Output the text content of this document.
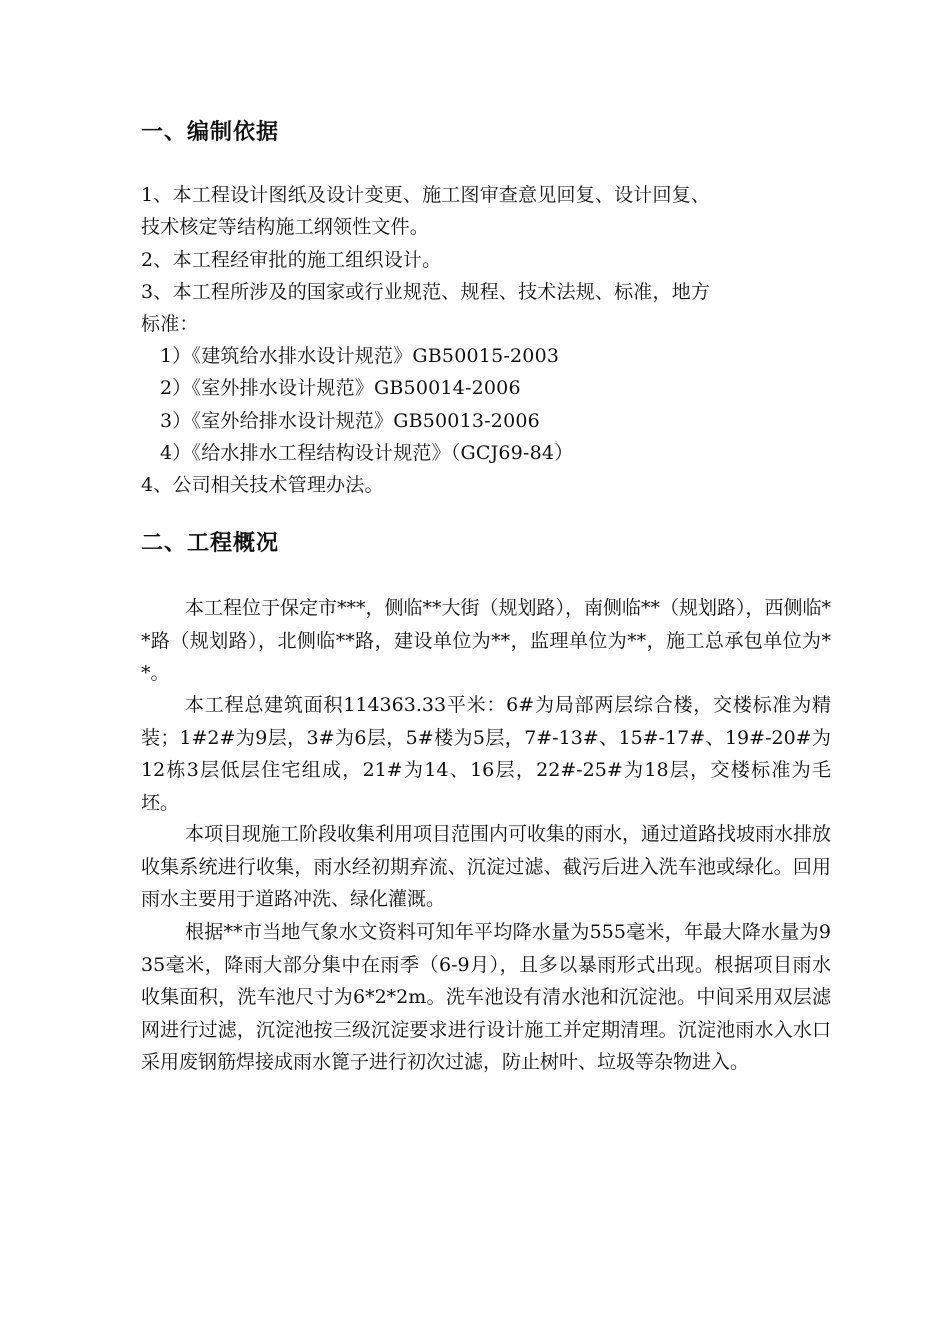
一、编制依据
1、本工程设计图纸及设计变更、施工图审查意见回复、设计回复、
技术核定等结构施工纲领性文件。
2、本工程经审批的施工组织设计。
3、本工程所涉及的国家或行业规范、规程、技术法规、标准，地方
标准：
1）《建筑给水排水设计规范》GB50015-2003
2）《室外排水设计规范》GB50014-2006
3）《室外给排水设计规范》GB50013-2006
4）《给水排水工程结构设计规范》（GCJ69-84）
4、公司相关技术管理办法。
二、工程概况

本工程位于保定市***，侧临**大街（规划路），南侧临**（规划路），西侧临**路（规划路），北侧临**路，建设单位为**，监理单位为**，施工总承包单位为**。

本工程总建筑面积114363.33平米：6#为局部两层综合楼，交楼标准为精装；1#2#为9层，3#为6层，5#楼为5层，7#-13#、15#-17#、19#-20#为12栋3层低层住宅组成，21#为14、16层，22#-25#为18层，交楼标准为毛坯。

本项目现施工阶段收集利用项目范围内可收集的雨水，通过道路找坡雨水排放收集系统进行收集，雨水经初期弃流、沉淀过滤、截污后进入洗车池或绿化。回用雨水主要用于道路冲洗、绿化灌溉。

根据**市当地气象水文资料可知年平均降水量为555毫米，年最大降水量为935毫米，降雨大部分集中在雨季（6-9月），且多以暴雨形式出现。根据项目雨水收集面积，洗车池尺寸为6*2*2m。洗车池设有清水池和沉淀池。中间采用双层滤网进行过滤，沉淀池按三级沉淀要求进行设计施工并定期清理。沉淀池雨水入水口采用废钢筋焊接成雨水篦子进行初次过滤，防止树叶、垃圾等杂物进入。
